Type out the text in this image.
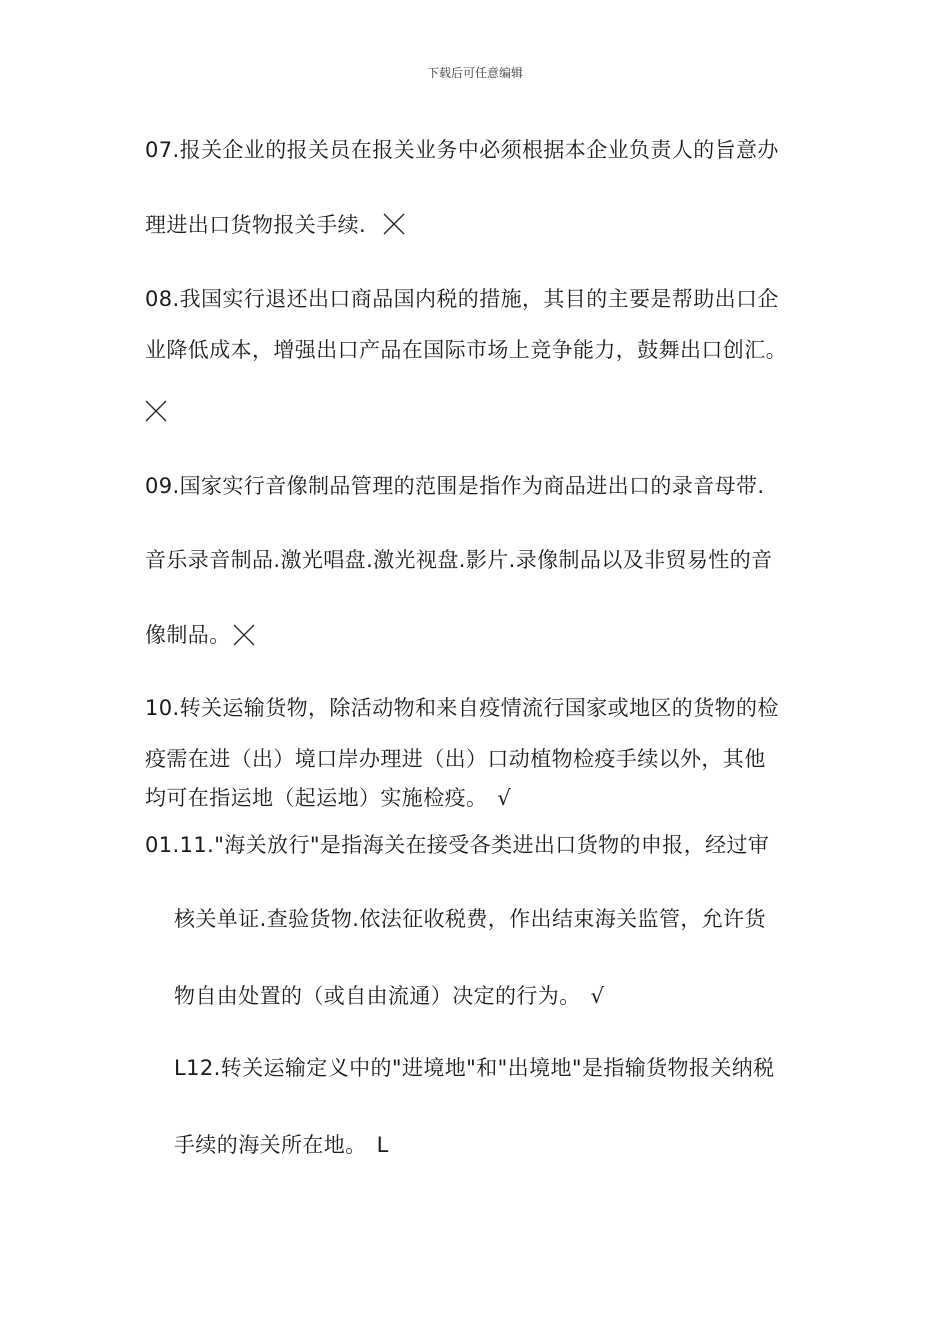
下载后可任意编辑
07.报关企业的报关员在报关业务中必须根据本企业负责人的旨意办
理进出口货物报关手续.
08.我国实行退还出口商品国内税的措施，其目的主要是帮助出口企
业降低成本，增强出口产品在国际市场上竞争能力，鼓舞出口创汇。
09.国家实行音像制品管理的范围是指作为商品进出口的录音母带.
音乐录音制品.激光唱盘.激光视盘.影片.录像制品以及非贸易性的音
像制品。
10.转关运输货物，除活动物和来自疫情流行国家或地区的货物的检
疫需在进（出）境口岸办理进（出）口动植物检疫手续以外，其他
均可在指运地（起运地）实施检疫。 √
01.11."海关放行"是指海关在接受各类进出口货物的申报，经过审
核关单证.查验货物.依法征收税费，作出结束海关监管，允许货
物自由处置的（或自由流通）决定的行为。 √
L12.转关运输定义中的"进境地"和"出境地"是指输货物报关纳税
手续的海关所在地。 L
